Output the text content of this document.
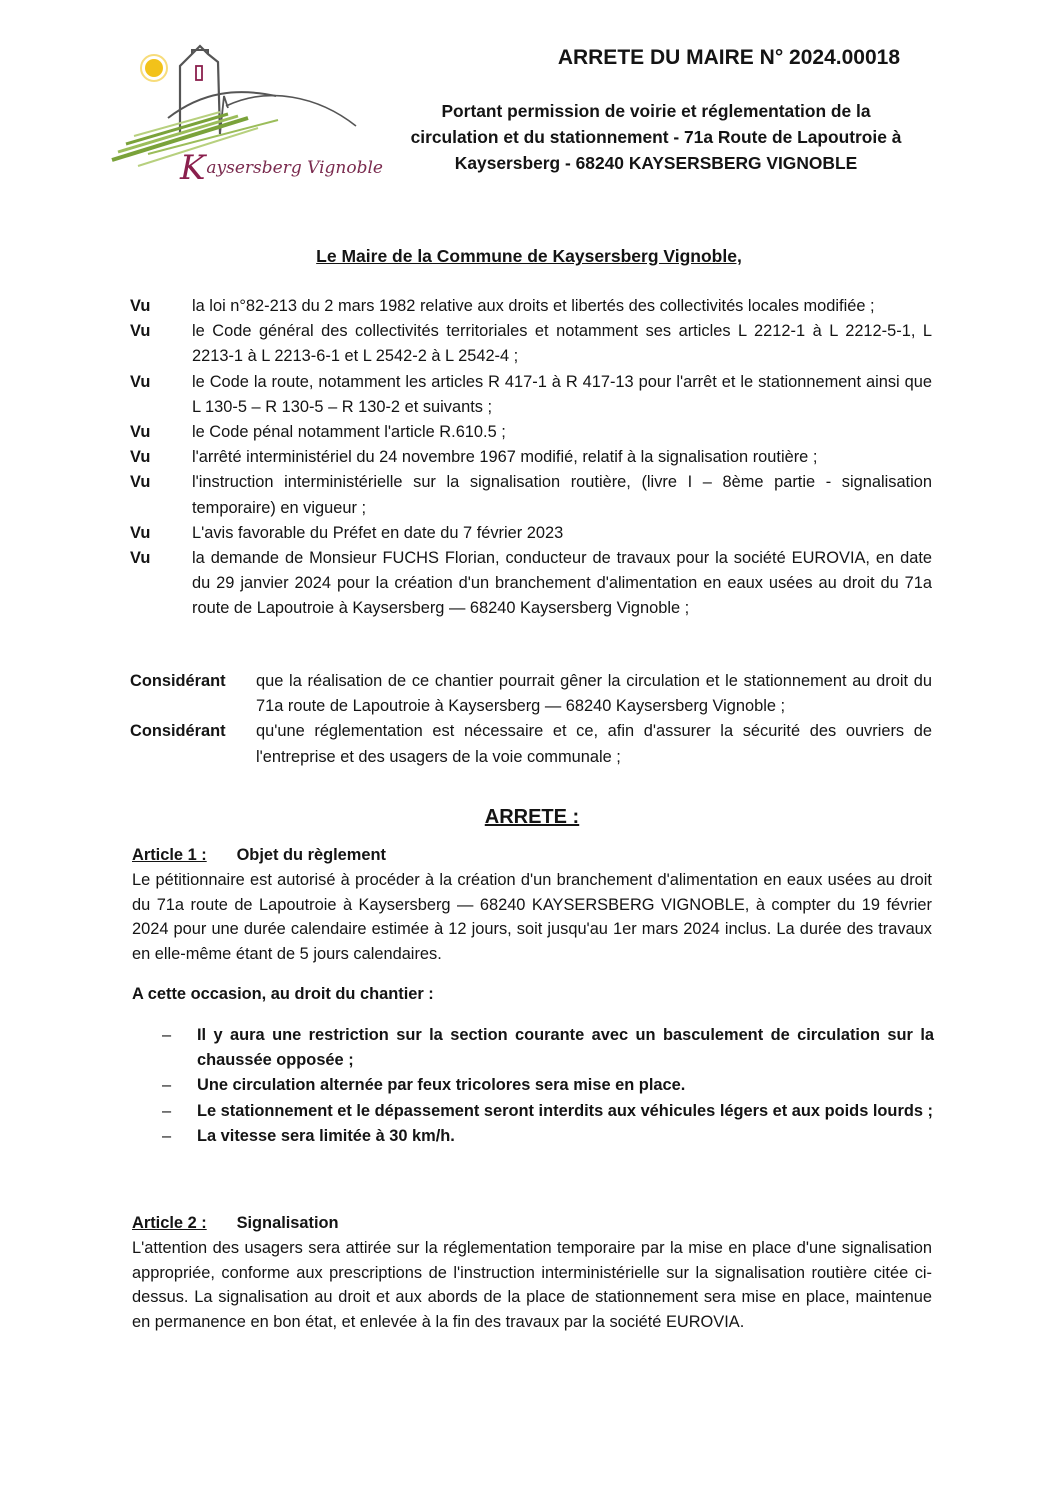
Kaysersberg Vignoble
ARRETE DU MAIRE N° 2024.00018
Portant permission de voirie et réglementation de la
circulation et du stationnement - 71a Route de Lapoutroie à
Kaysersberg - 68240 KAYSERSBERG VIGNOBLE
Le Maire de la Commune de Kaysersberg Vignoble,
Vu	la loi n°82-213 du 2 mars 1982 relative aux droits et libertés des collectivités locales modifiée ;
Vu	le Code général des collectivités territoriales et notamment ses articles L 2212-1 à L 2212-5-1, L 2213-1 à L 2213-6-1 et L 2542-2 à L 2542-4 ;
Vu	le Code la route, notamment les articles R 417-1 à R 417-13 pour l'arrêt et le stationnement ainsi que L 130-5 – R 130-5 – R 130-2 et suivants ;
Vu	le Code pénal notamment l'article R.610.5 ;
Vu	l'arrêté interministériel du 24 novembre 1967 modifié, relatif à la signalisation routière ;
Vu	l'instruction interministérielle sur la signalisation routière, (livre I – 8ème partie - signalisation temporaire) en vigueur ;
Vu	L'avis favorable du Préfet en date du 7 février 2023
Vu	la demande de Monsieur FUCHS Florian, conducteur de travaux pour la société EUROVIA, en date du 29 janvier 2024 pour la création d'un branchement d'alimentation en eaux usées au droit du 71a route de Lapoutroie à Kaysersberg — 68240 Kaysersberg Vignoble ;
Considérant	que la réalisation de ce chantier pourrait gêner la circulation et le stationnement au droit du 71a route de Lapoutroie à Kaysersberg — 68240 Kaysersberg Vignoble ;
Considérant	qu'une réglementation est nécessaire et ce, afin d'assurer la sécurité des ouvriers de l'entreprise et des usagers de la voie communale ;
ARRETE :
Article 1 : Objet du règlement
Le pétitionnaire est autorisé à procéder à la création d'un branchement d'alimentation en eaux usées au droit du 71a route de Lapoutroie à Kaysersberg — 68240 KAYSERSBERG VIGNOBLE, à compter du 19 février 2024 pour une durée calendaire estimée à 12 jours, soit jusqu'au 1er mars 2024 inclus. La durée des travaux en elle-même étant de 5 jours calendaires.
A cette occasion, au droit du chantier :
–	Il y aura une restriction sur la section courante avec un basculement de circulation sur la chaussée opposée ;
–	Une circulation alternée par feux tricolores sera mise en place.
–	Le stationnement et le dépassement seront interdits aux véhicules légers et aux poids lourds ;
–	La vitesse sera limitée à 30 km/h.
Article 2 : Signalisation
L'attention des usagers sera attirée sur la réglementation temporaire par la mise en place d'une signalisation appropriée, conforme aux prescriptions de l'instruction interministérielle sur la signalisation routière citée ci-dessus. La signalisation au droit et aux abords de la place de stationnement sera mise en place, maintenue en permanence en bon état, et enlevée à la fin des travaux par la société EUROVIA.
